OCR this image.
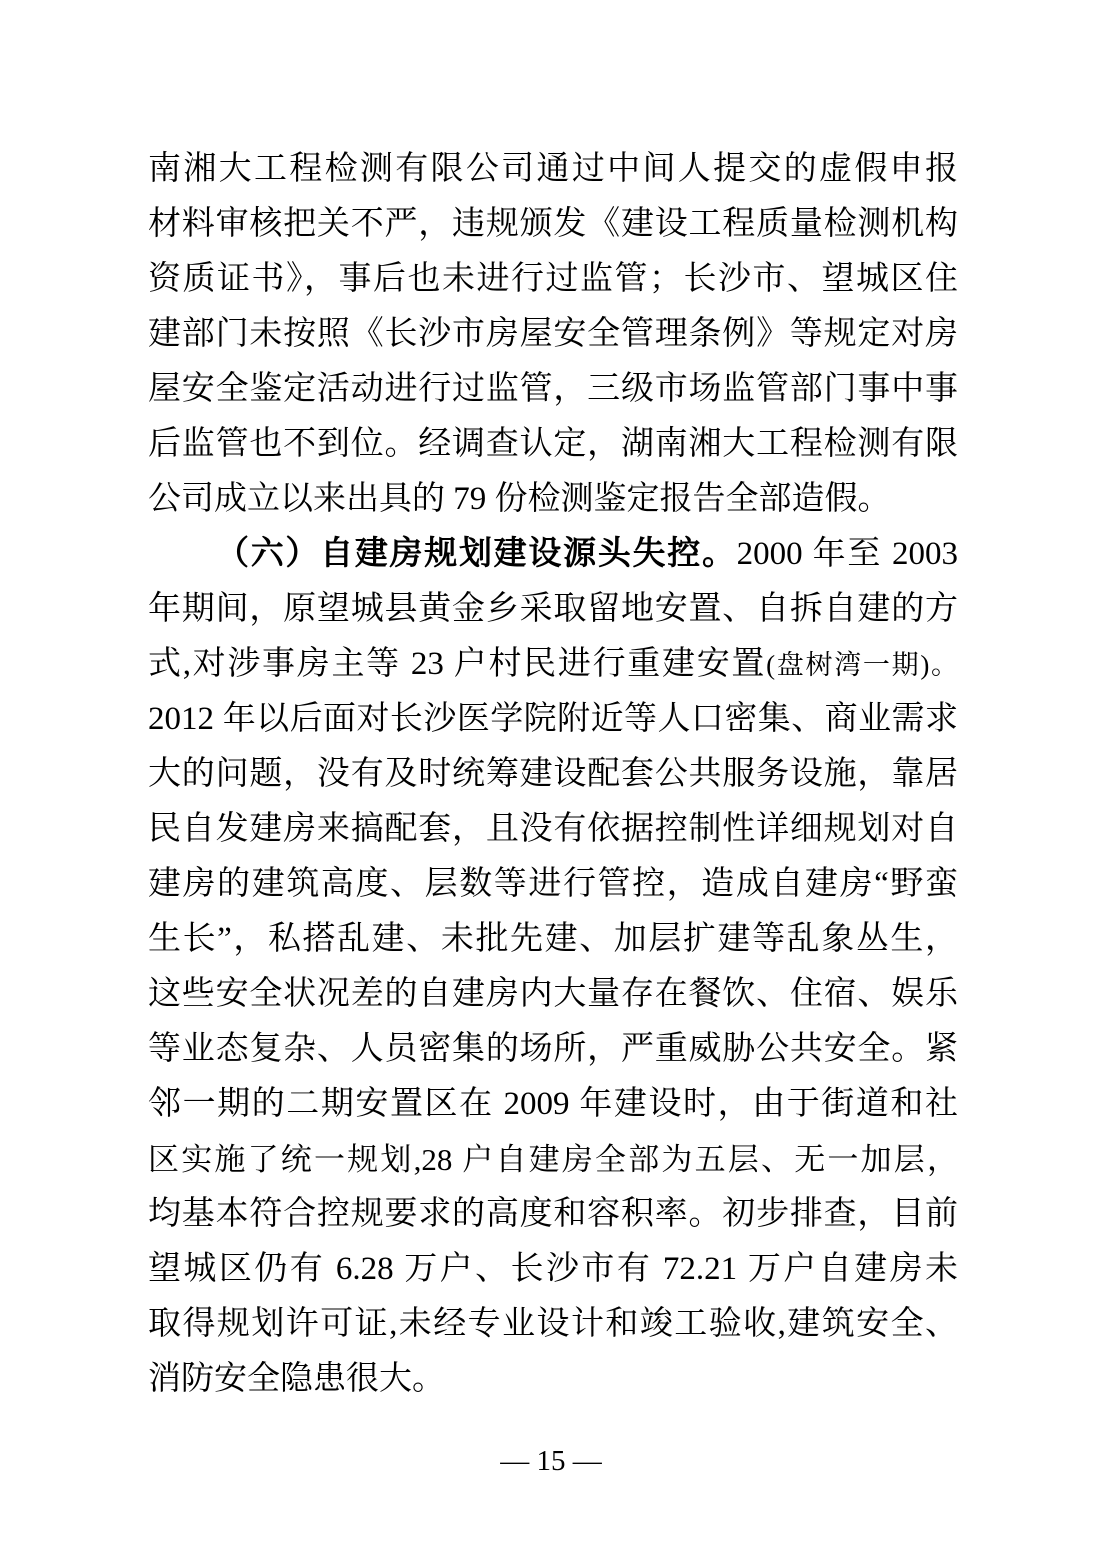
南湘大工程检测有限公司通过中间人提交的虚假申报
材料审核把关不严，违规颁发《建设工程质量检测机构
资质证书》，事后也未进行过监管；长沙市、望城区住
建部门未按照《长沙市房屋安全管理条例》等规定对房
屋安全鉴定活动进行过监管，三级市场监管部门事中事
后监管也不到位。经调查认定，湖南湘大工程检测有限
公司成立以来出具的 79 份检测鉴定报告全部造假。
（六）自建房规划建设源头失控。2000 年至 2003
年期间，原望城县黄金乡采取留地安置、自拆自建的方
式,对涉事房主等 23 户村民进行重建安置(盘树湾一期)。
2012 年以后面对长沙医学院附近等人口密集、商业需求
大的问题，没有及时统筹建设配套公共服务设施，靠居
民自发建房来搞配套，且没有依据控制性详细规划对自
建房的建筑高度、层数等进行管控，造成自建房“野蛮
生长”，私搭乱建、未批先建、加层扩建等乱象丛生，
这些安全状况差的自建房内大量存在餐饮、住宿、娱乐
等业态复杂、人员密集的场所，严重威胁公共安全。紧
邻一期的二期安置区在 2009 年建设时，由于街道和社
区实施了统一规划,28 户自建房全部为五层、无一加层，
均基本符合控规要求的高度和容积率。初步排查，目前
望城区仍有 6.28 万户、长沙市有 72.21 万户自建房未
取得规划许可证,未经专业设计和竣工验收,建筑安全、
消防安全隐患很大。
— 15 —
